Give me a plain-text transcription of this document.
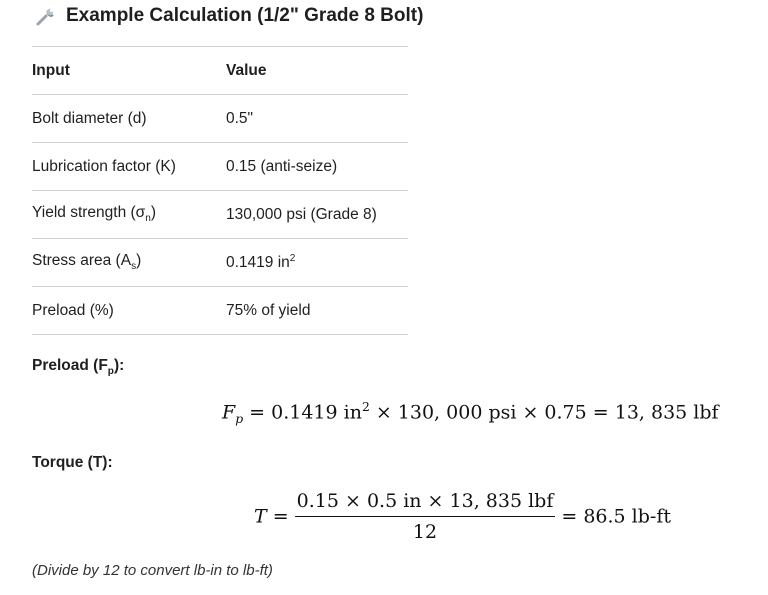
Example Calculation (1/2" Grade 8 Bolt)
Input	Value
Bolt diameter (d)	0.5"
Lubrication factor (K)	0.15 (anti-seize)
Yield strength $(\sigma_n)$	130,000 psi (Grade 8)
Stress area $(A_s)$	0.1419 $in^2$
Preload (%)	75% of yield
Preload $(F_p)$:
$F_p = 0.1419$ $in^2 \times 130$, 000 psi × 0.75 = 13, 835 lbf
Torque (T):
$T = \frac{\text{0.15 × 0.5 in × 13, 835 lbf}}{12} = 86.5$ lb-ft
(Divide by 12 to convert lb-in to lb-ft)
